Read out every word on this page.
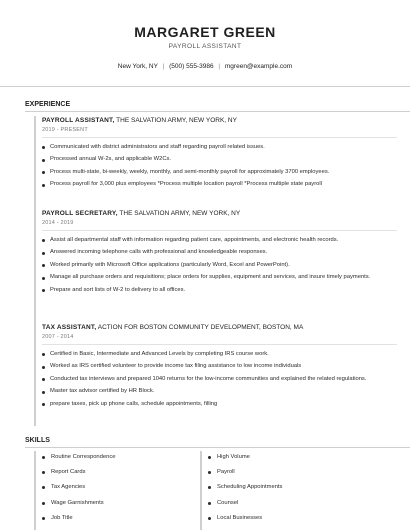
MARGARET GREEN
PAYROLL ASSISTANT
New York, NY | (500) 555-3986 | mgreen@example.com
EXPERIENCE
PAYROLL ASSISTANT, THE SALVATION ARMY, NEW YORK, NY
2019 - PRESENT
Communicated with district administrators and staff regarding payroll related issues.
Processed annual W-2s, and applicable W2Cs.
Process multi-state, bi-weekly, weekly, monthly, and semi-monthly payroll for approximately 3700 employees.
Process payroll for 3,000 plus employees *Process multiple location payroll *Process multiple state payroll
PAYROLL SECRETARY, THE SALVATION ARMY, NEW YORK, NY
2014 - 2019
Assist all departmental staff with information regarding patient care, appointments, and electronic health records.
Answered incoming telephone calls with professional and knowledgeable responses.
Worked primarily with Microsoft Office applications (particularly Word, Excel and PowerPoint).
Manage all purchase orders and requisitions; place orders for supplies, equipment and services, and insure timely payments.
Prepare and sort lists of W-2 to delivery to all offices.
TAX ASSISTANT, ACTION FOR BOSTON COMMUNITY DEVELOPMENT, BOSTON, MA
2007 - 2014
Certified in Basic, Intermediate and Advanced Levels by completing IRS course work.
Worked as IRS certified volunteer to provide income tax filing assistance to low income individuals
Conducted tax interviews and prepared 1040 returns for the low-income communities and explained the related regulations.
Master tax advisor certified by HR Block.
prepare taxes, pick up phone calls, schedule appointments, filling
SKILLS
Routine Correspondence
Report Cards
Tax Agencies
Wage Garnishments
Job Title
High Volume
Payroll
Scheduling Appointments
Counsel
Local Businesses
